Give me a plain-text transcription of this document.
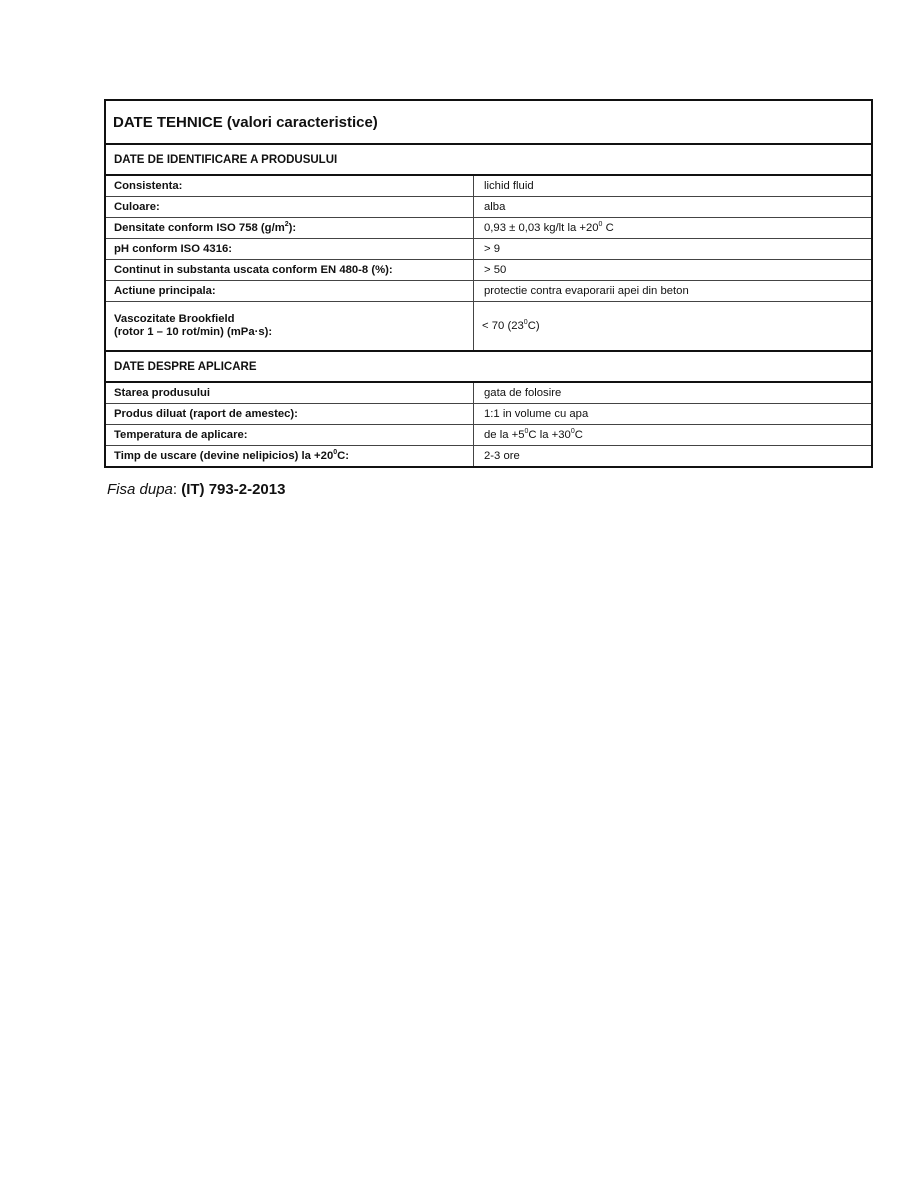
DATE TEHNICE (valori caracteristice)
DATE DE IDENTIFICARE A PRODUSULUI
Consistenta:	lichid fluid
Culoare:	alba
Densitate conform ISO 758 $(g/m^2)$:	0,93 ± 0,03 kg/lt la $+20^0$ C
pH conform ISO 4316:	> 9
Continut in substanta uscata conform EN 480-8 (%):	> 50
Actiune principala:	protectie contra evaporarii apei din beton

Vascozitate Brookfield
(rotor 1 – 10 rot/min) (mPa·s):	< 70 $(23^0C)$
DATE DESPRE APLICARE
Starea produsului	gata de folosire
Produs diluat (raport de amestec):	1:1 in volume cu apa
Temperatura de aplicare:	de la $+5^0C$ la $+30^0C$
Timp de uscare (devine nelipicios) la $+20^0C$:	2-3 ore
Fisa dupa: (IT) 793-2-2013
